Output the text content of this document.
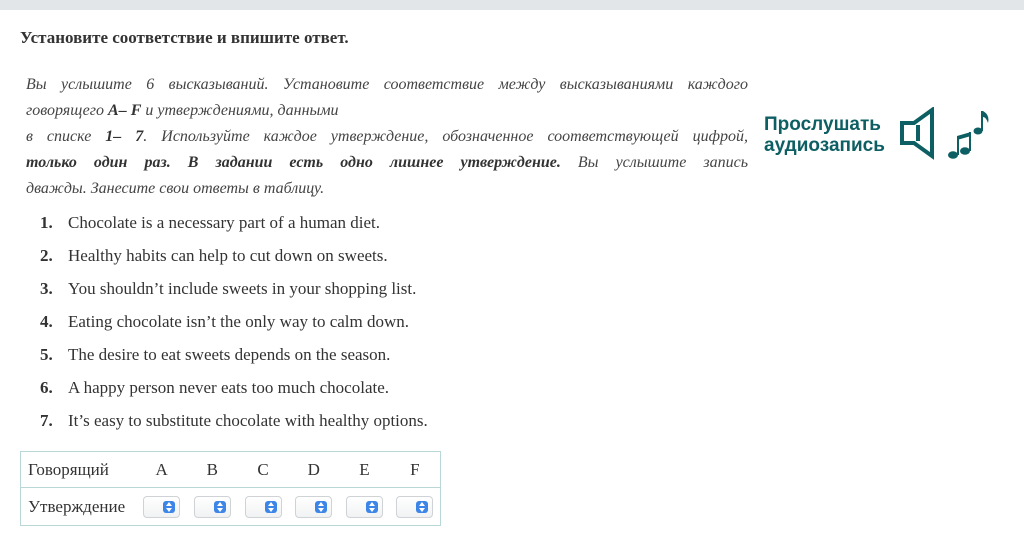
Установите соответствие и впишите ответ.
Вы услышите 6 высказываний. Установите соответствие между высказываниями каждого
говорящего A– F и утверждениями, данными
в списке 1– 7. Используйте каждое утверждение, обозначенное соответствующей цифрой,
только один раз. В задании есть одно лишнее утверждение. Вы услышите запись
дважды. Занесите свои ответы в таблицу.
Прослушать
аудиозапись
1. Chocolate is a necessary part of a human diet.
2. Healthy habits can help to cut down on sweets.
3. You shouldn’t include sweets in your shopping list.
4. Eating chocolate isn’t the only way to calm down.
5. The desire to eat sweets depends on the season.
6. A happy person never eats too much chocolate.
7. It’s easy to substitute chocolate with healthy options.
Говорящий	A	B	C	D	E	F
Утверждение	
